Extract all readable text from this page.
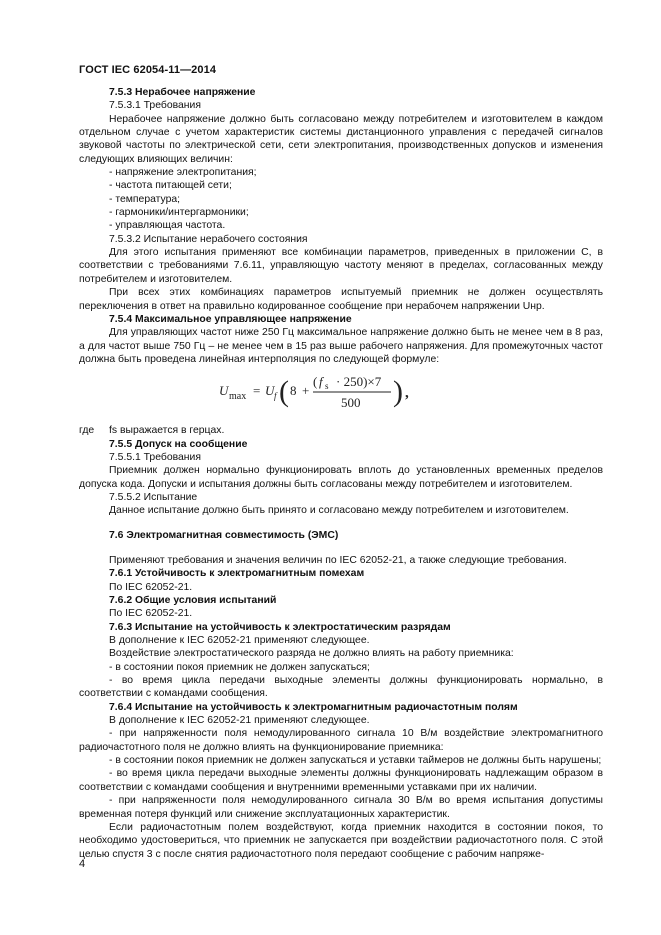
ГОСТ IEC 62054-11—2014

7.5.3 Нерабочее напряжение

7.5.3.1 Требования

Нерабочее напряжение должно быть согласовано между потребителем и изготовителем в каждом отдельном случае с учетом характеристик системы дистанционного управления с передачей сигналов звуковой частоты по электрической сети, сети электропитания, производственных допусков и изменения следующих влияющих величин:

- напряжение электропитания;

- частота питающей сети;

- температура;

- гармоники/интергармоники;

- управляющая частота.

7.5.3.2 Испытание нерабочего состояния

Для этого испытания применяют все комбинации параметров, приведенных в приложении С, в соответствии с требованиями 7.6.11, управляющую частоту меняют в пределах, согласованных между потребителем и изготовителем.

При всех этих комбинациях параметров испытуемый приемник не должен осуществлять переключения в ответ на правильно кодированное сообщение при нерабочем напряжении Uнр.

7.5.4 Максимальное управляющее напряжение

Для управляющих частот ниже 250 Гц максимальное напряжение должно быть не менее чем в 8 раз, а для частот выше 750 Гц – не менее чем в 15 раз выше рабочего напряжения. Для промежуточных частот должна быть проведена линейная интерполяция по следующей формуле:

U max = U f ( 8 +
( f s · 250)×7
500 ) ,
где	fs выражается в герцах.

7.5.5 Допуск на сообщение

7.5.5.1 Требования

Приемник должен нормально функционировать вплоть до установленных временных пределов допуска кода. Допуски и испытания должны быть согласованы между потребителем и изготовителем.

7.5.5.2 Испытание

Данное испытание должно быть принято и согласовано между потребителем и изготовителем.

7.6 Электромагнитная совместимость (ЭМС)

Применяют требования и значения величин по IEC 62052-21, а также следующие требования.

7.6.1 Устойчивость к электромагнитным помехам

По IEC 62052-21.

7.6.2 Общие условия испытаний

По IEC 62052-21.

7.6.3 Испытание на устойчивость к электростатическим разрядам

В дополнение к IEC 62052-21 применяют следующее.

Воздействие электростатического разряда не должно влиять на работу приемника:

- в состоянии покоя приемник не должен запускаться;

- во время цикла передачи выходные элементы должны функционировать нормально, в соответствии с командами сообщения.

7.6.4 Испытание на устойчивость к электромагнитным радиочастотным полям

В дополнение к IEC 62052-21 применяют следующее.

- при напряженности поля немодулированного сигнала 10 В/м воздействие электромагнитного радиочастотного поля не должно влиять на функционирование приемника:

- в состоянии покоя приемник не должен запускаться и уставки таймеров не должны быть нарушены;

- во время цикла передачи выходные элементы должны функционировать надлежащим образом в соответствии с командами сообщения и внутренними временными уставками при их наличии.

- при напряженности поля немодулированного сигнала 30 В/м во время испытания допустимы временная потеря функций или снижение эксплуатационных характеристик.

Если радиочастотным полем воздействуют, когда приемник находится в состоянии покоя, то необходимо удостовериться, что приемник не запускается при воздействии радиочастотного поля. С этой целью спустя 3 с после снятия радиочастотного поля передают сообщение с рабочим напряже-

4
